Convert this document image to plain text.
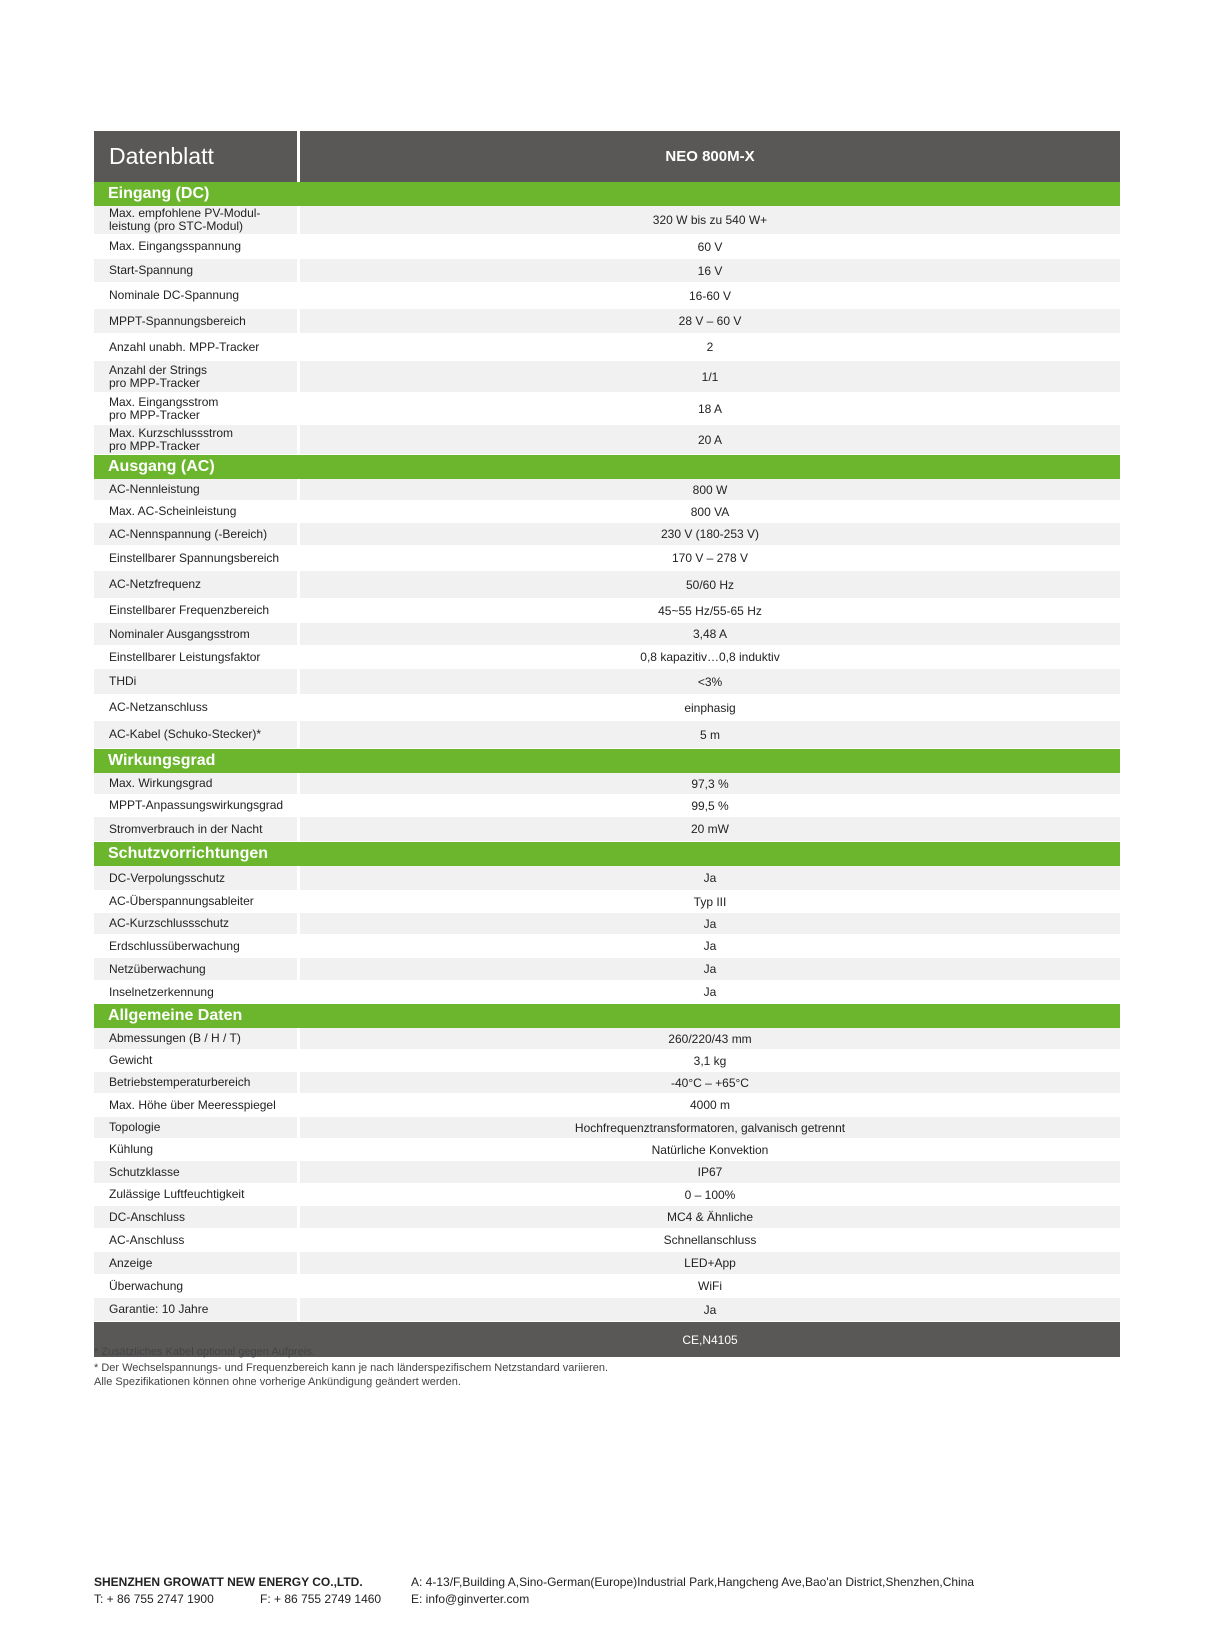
Datenblatt	NEO 800M-X
Eingang (DC)
Max. empfohlene PV-Modul-
leistung (pro STC-Modul)	320 W bis zu 540 W+
Max. Eingangsspannung	60 V
Start-Spannung	16 V
Nominale DC-Spannung	16-60 V
MPPT-Spannungsbereich	28 V – 60 V
Anzahl unabh. MPP-Tracker	2
Anzahl der Strings
pro MPP-Tracker	1/1
Max. Eingangsstrom
pro MPP-Tracker	18 A
Max. Kurzschlussstrom
pro MPP-Tracker	20 A
Ausgang (AC)
AC-Nennleistung	800 W
Max. AC-Scheinleistung	800 VA
AC-Nennspannung (-Bereich)	230 V (180-253 V)
Einstellbarer Spannungsbereich	170 V – 278 V
AC-Netzfrequenz	50/60 Hz
Einstellbarer Frequenzbereich	45~55 Hz/55-65 Hz
Nominaler Ausgangsstrom	3,48 A
Einstellbarer Leistungsfaktor	0,8 kapazitiv…0,8 induktiv
THDi	<3%
AC-Netzanschluss	einphasig
AC-Kabel (Schuko-Stecker)*	5 m
Wirkungsgrad
Max. Wirkungsgrad	97,3 %
MPPT-Anpassungswirkungsgrad	99,5 %
Stromverbrauch in der Nacht	20 mW
Schutzvorrichtungen
DC-Verpolungsschutz	Ja
AC-Überspannungsableiter	Typ III
AC-Kurzschlussschutz	Ja
Erdschlussüberwachung	Ja
Netzüberwachung	Ja
Inselnetzerkennung	Ja
Allgemeine Daten
Abmessungen (B / H / T)	260/220/43 mm
Gewicht	3,1 kg
Betriebstemperaturbereich	-40°C – +65°C
Max. Höhe über Meeresspiegel	4000 m
Topologie	Hochfrequenztransformatoren, galvanisch getrennt
Kühlung	Natürliche Konvektion
Schutzklasse	IP67
Zulässige Luftfeuchtigkeit	0 – 100%
DC-Anschluss	MC4 & Ähnliche
AC-Anschluss	Schnellanschluss
Anzeige	LED+App
Überwachung	WiFi
Garantie: 10 Jahre	Ja
CE,N4105

* Zusätzliches Kabel optional gegen Aufpreis.

* Der Wechselspannungs- und Frequenzbereich kann je nach länderspezifischem Netzstandard variieren.
Alle Spezifikationen können ohne vorherige Ankündigung geändert werden.

SHENZHEN GROWATT NEW ENERGY CO.,LTD.	A: 4-13/F,Building A,Sino-German(Europe)Industrial Park,Hangcheng Ave,Bao'an District,Shenzhen,China
T: + 86 755 2747 1900	F: + 86 755 2749 1460	E: info@ginverter.com
